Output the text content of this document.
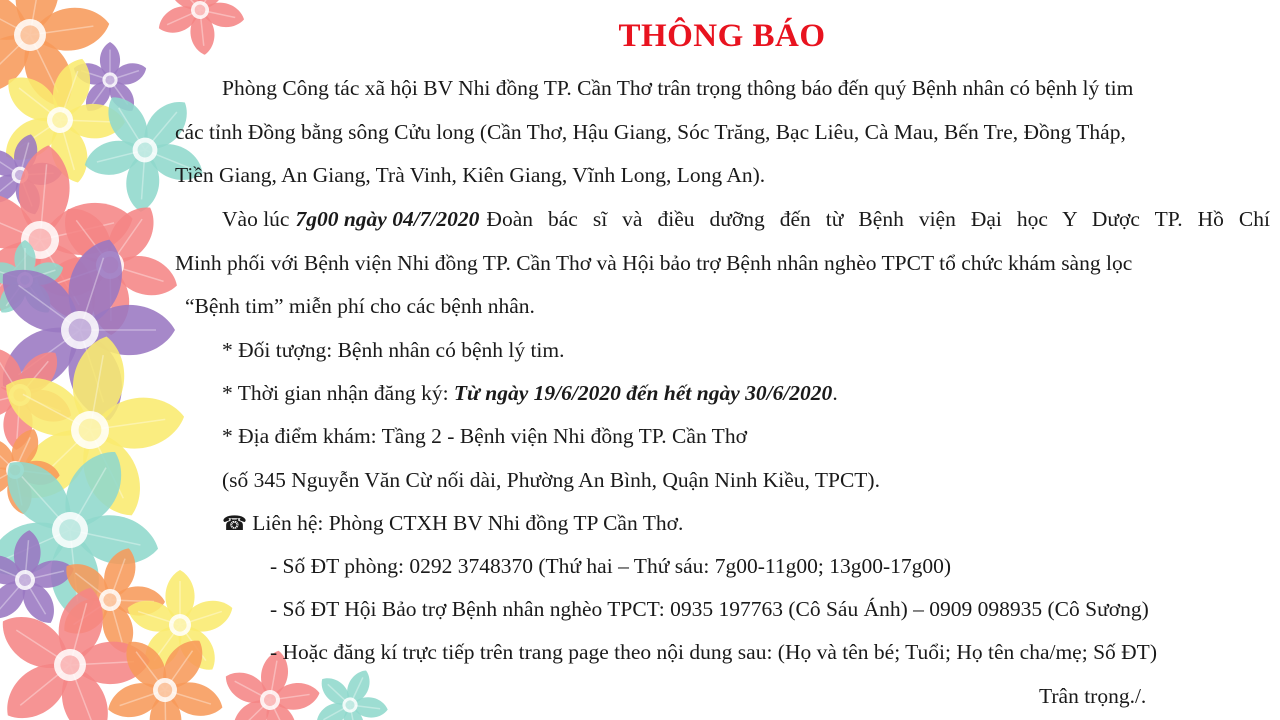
THÔNG BÁO
Phòng Công tác xã hội BV Nhi đồng TP. Cần Thơ trân trọng thông báo đến quý Bệnh nhân có bệnh lý tim
các tỉnh Đồng bằng sông Cửu long (Cần Thơ, Hậu Giang, Sóc Trăng, Bạc Liêu, Cà Mau, Bến Tre, Đồng Tháp,
Tiền Giang, An Giang, Trà Vinh, Kiên Giang, Vĩnh Long, Long An).
Vào lúc 7g00 ngày 04/7/2020 Đoàn bác sĩ và điều dưỡng đến từ Bệnh viện Đại học Y Dược TP. Hồ Chí
Minh phối với Bệnh viện Nhi đồng TP. Cần Thơ và Hội bảo trợ Bệnh nhân nghèo TPCT tổ chức khám sàng lọc
“Bệnh tim” miễn phí cho các bệnh nhân.
* Đối tượng: Bệnh nhân có bệnh lý tim.
* Thời gian nhận đăng ký: Từ ngày 19/6/2020 đến hết ngày 30/6/2020.
* Địa điểm khám: Tầng 2 - Bệnh viện Nhi đồng TP. Cần Thơ
(số 345 Nguyễn Văn Cừ nối dài, Phường An Bình, Quận Ninh Kiều, TPCT).
☎ Liên hệ: Phòng CTXH BV Nhi đồng TP Cần Thơ.
- Số ĐT phòng: 0292 3748370 (Thứ hai – Thứ sáu: 7g00-11g00; 13g00-17g00)
- Số ĐT Hội Bảo trợ Bệnh nhân nghèo TPCT: 0935 197763 (Cô Sáu Ánh) – 0909 098935 (Cô Sương)
- Hoặc đăng kí trực tiếp trên trang page theo nội dung sau: (Họ và tên bé; Tuổi; Họ tên cha/mẹ; Số ĐT)
Trân trọng./.
